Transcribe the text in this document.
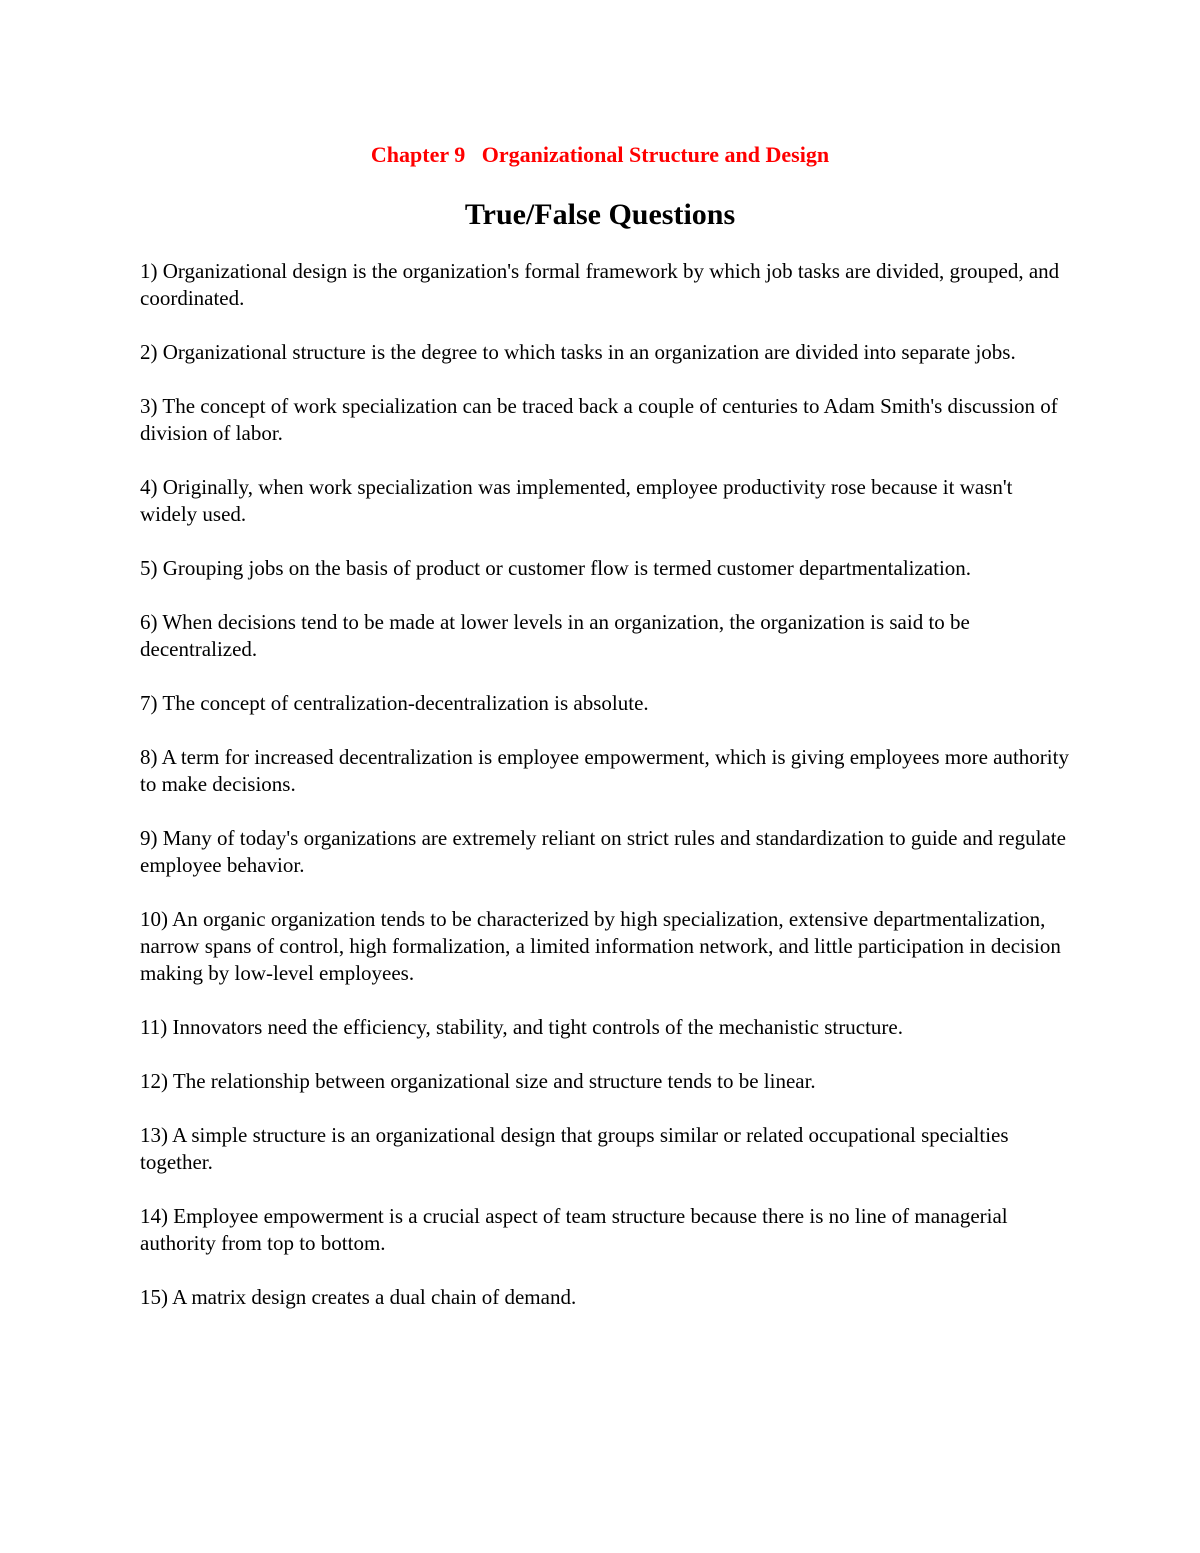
Chapter 9   Organizational Structure and Design
True/False Questions
1) Organizational design is the organization's formal framework by which job tasks are divided, grouped, and coordinated.
2) Organizational structure is the degree to which tasks in an organization are divided into separate jobs.
3) The concept of work specialization can be traced back a couple of centuries to Adam Smith's discussion of division of labor.
4) Originally, when work specialization was implemented, employee productivity rose because it wasn't widely used.
5) Grouping jobs on the basis of product or customer flow is termed customer departmentalization.
6) When decisions tend to be made at lower levels in an organization, the organization is said to be decentralized.
7) The concept of centralization-decentralization is absolute.
8) A term for increased decentralization is employee empowerment, which is giving employees more authority to make decisions.
9) Many of today's organizations are extremely reliant on strict rules and standardization to guide and regulate employee behavior.
10) An organic organization tends to be characterized by high specialization, extensive departmentalization, narrow spans of control, high formalization, a limited information network, and little participation in decision making by low-level employees.
11) Innovators need the efficiency, stability, and tight controls of the mechanistic structure.
12) The relationship between organizational size and structure tends to be linear.
13) A simple structure is an organizational design that groups similar or related occupational specialties together.
14) Employee empowerment is a crucial aspect of team structure because there is no line of managerial authority from top to bottom.
15) A matrix design creates a dual chain of demand.
